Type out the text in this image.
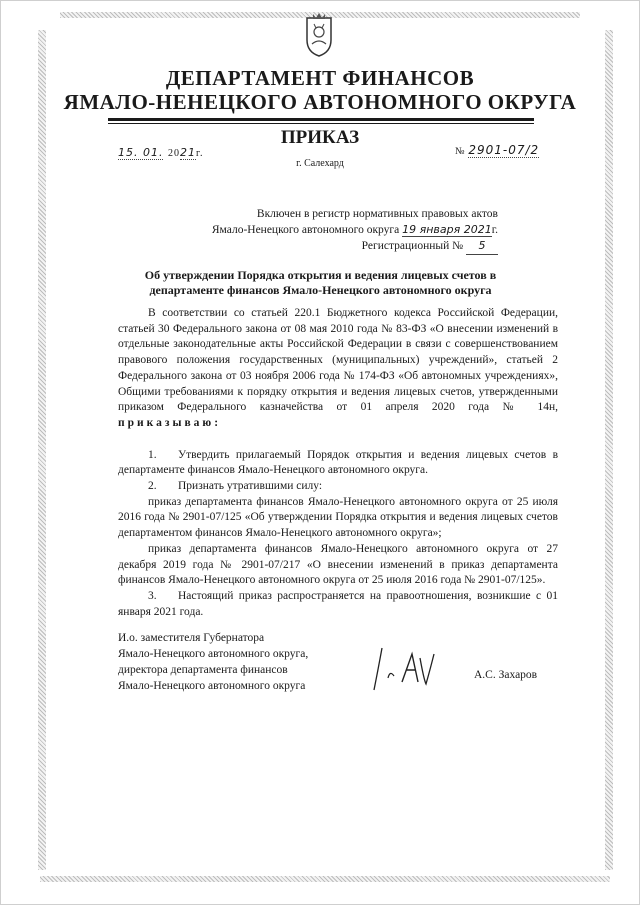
ДЕПАРТАМЕНТ ФИНАНСОВ
ЯМАЛО-НЕНЕЦКОГО АВТОНОМНОГО ОКРУГА
ПРИКАЗ
15. 01. 2021г.
г. Салехард
№ 2901-07/2
Включен в регистр нормативных правовых актов
Ямало-Ненецкого автономного округа 19 января 2021г.
Регистрационный № 5
Об утверждении Порядка открытия и ведения лицевых счетов в
департаменте финансов Ямало-Ненецкого автономного округа

В соответствии со статьей 220.1 Бюджетного кодекса Российской Федерации, статьей 30 Федерального закона от 08 мая 2010 года № 83-ФЗ «О внесении изменений в отдельные законодательные акты Российской Федерации в связи с совершенствованием правового положения государственных (муниципальных) учреждений», статьей 2 Федерального закона от 03 ноября 2006 года № 174-ФЗ «Об автономных учреждениях», Общими требованиями к порядку открытия и ведения лицевых счетов, утвержденными приказом Федерального казначейства от 01 апреля 2020 года № 14н, приказываю:

1. Утвердить прилагаемый Порядок открытия и ведения лицевых счетов в департаменте финансов Ямало-Ненецкого автономного округа.

2. Признать утратившими силу:

приказ департамента финансов Ямало-Ненецкого автономного округа от 25 июля 2016 года № 2901-07/125 «Об утверждении Порядка открытия и ведения лицевых счетов департаментом финансов Ямало-Ненецкого автономного округа»;

приказ департамента финансов Ямало-Ненецкого автономного округа от 27 декабря 2019 года № 2901-07/217 «О внесении изменений в приказ департамента финансов Ямало-Ненецкого автономного округа от 25 июля 2016 года № 2901-07/125».

3. Настоящий приказ распространяется на правоотношения, возникшие с 01 января 2021 года.

И.о. заместителя Губернатора
Ямало-Ненецкого автономного округа,
директора департамента финансов
Ямало-Ненецкого автономного округа
А.С. Захаров
